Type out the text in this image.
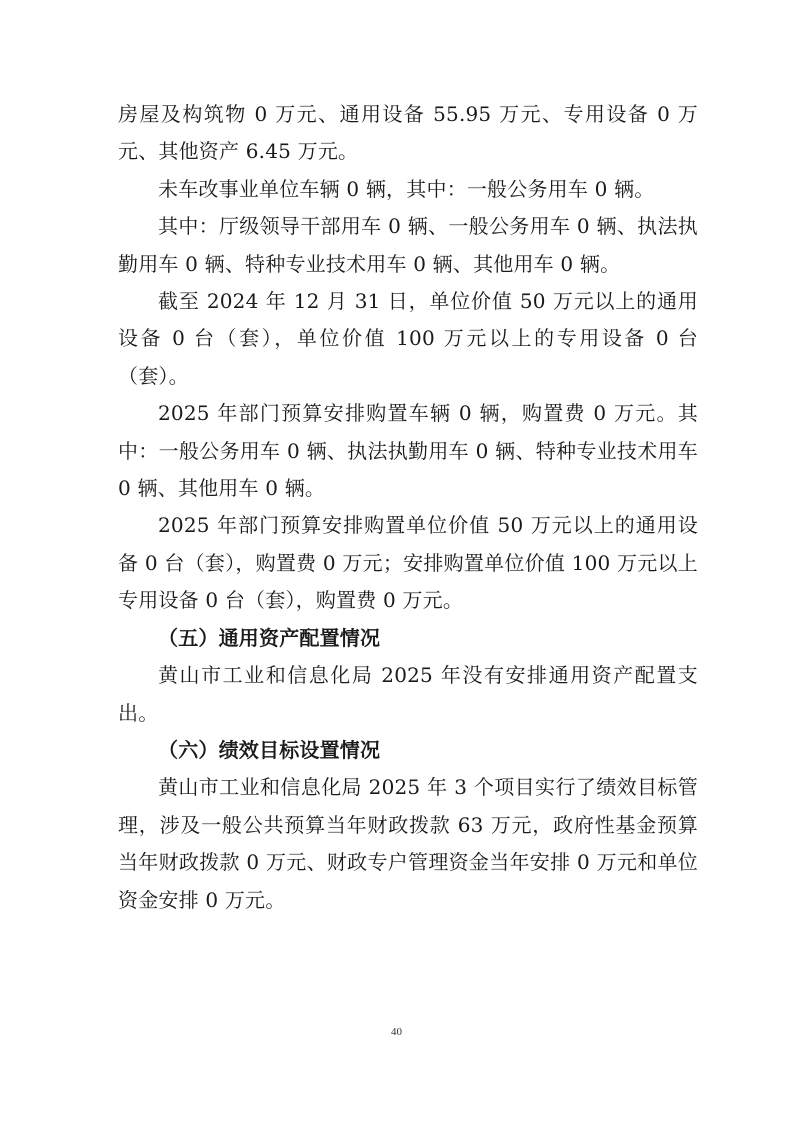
房屋及构筑物 0 万元、通用设备 55.95 万元、专用设备 0 万元、其他资产 6.45 万元。

未车改事业单位车辆 0 辆，其中：一般公务用车 0 辆。

其中：厅级领导干部用车 0 辆、一般公务用车 0 辆、执法执勤用车 0 辆、特种专业技术用车 0 辆、其他用车 0 辆。

截至 2024 年 12 月 31 日，单位价值 50 万元以上的通用设备 0 台（套），单位价值 100 万元以上的专用设备 0 台（套）。

2025 年部门预算安排购置车辆 0 辆，购置费 0 万元。其中：一般公务用车 0 辆、执法执勤用车 0 辆、特种专业技术用车 0 辆、其他用车 0 辆。

2025 年部门预算安排购置单位价值 50 万元以上的通用设备 0 台（套），购置费 0 万元；安排购置单位价值 100 万元以上专用设备 0 台（套），购置费 0 万元。

（五）通用资产配置情况

黄山市工业和信息化局 2025 年没有安排通用资产配置支出。

（六）绩效目标设置情况

黄山市工业和信息化局 2025 年 3 个项目实行了绩效目标管理，涉及一般公共预算当年财政拨款 63 万元，政府性基金预算当年财政拨款 0 万元、财政专户管理资金当年安排 0 万元和单位资金安排 0 万元。

40
